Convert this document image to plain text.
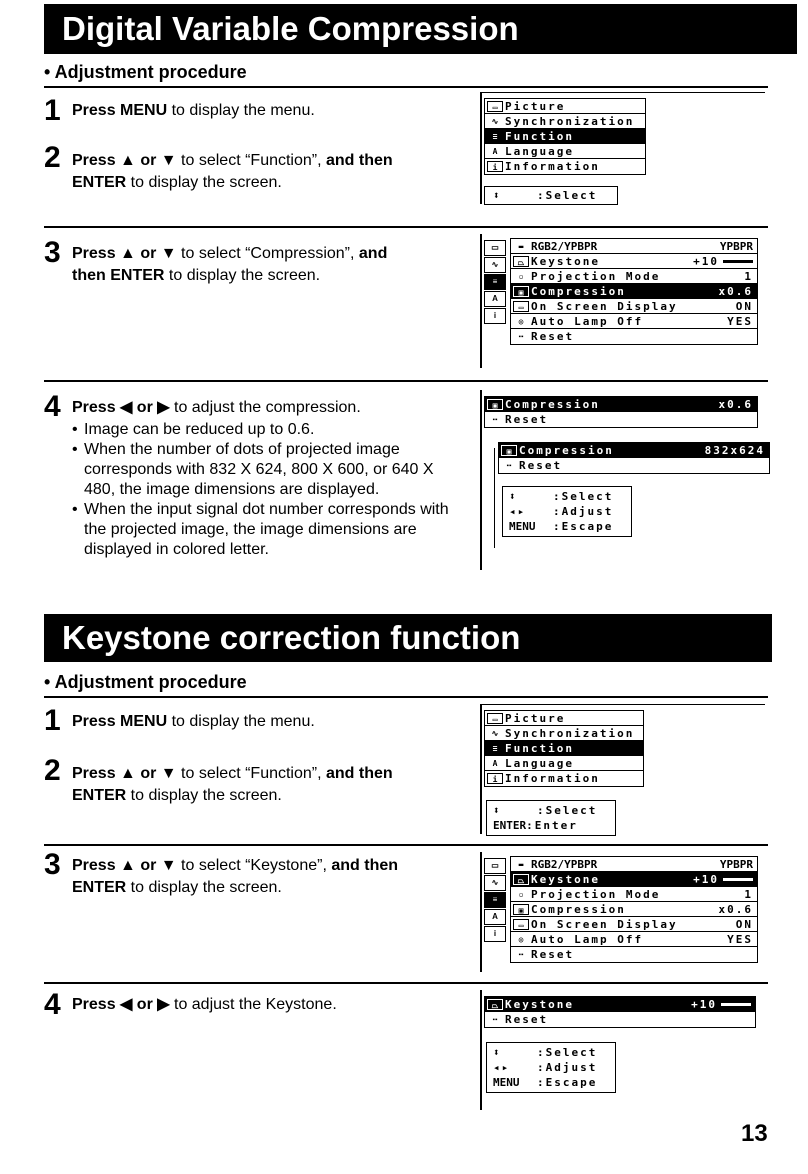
Digital Variable Compression
• Adjustment procedure
1 Press MENU to display the menu.
2 Press ▲ or ▼ to select “Function”, and then
ENTER to display the screen.
▭ Picture
∿ Synchronization
≡ Function
A Language
i Information
⬍	:Select
3 Press ▲ or ▼ to select “Compression”, and
then ENTER to display the screen.
▭
∿
≡
A
i
▬ RGB2/YPBPR	YPBPR
⏢ Keystone	+10
▫ Projection Mode	1
▣ Compression	x0.6
▭ On Screen Display	ON
◎ Auto Lamp Off	YES
⋯ Reset
4 Press ◀ or ▶ to adjust the compression.
• Image can be reduced up to 0.6.
• When the number of dots of projected image corresponds with 832 X 624, 800 X 600, or 640 X 480, the image dimensions are displayed.
• When the input signal dot number corresponds with the projected image, the image dimensions are displayed in colored letter.
▣ Compression	x0.6
⋯ Reset
▣ Compression	832x624
⋯ Reset
⬍	:Select
◂▸	:Adjust
MENU	:Escape
Keystone correction function
• Adjustment procedure
1 Press MENU to display the menu.
2 Press ▲ or ▼ to select “Function”, and then
ENTER to display the screen.
▭ Picture
∿ Synchronization
≡ Function
A Language
i Information
⬍	:Select
ENTER :Enter
3 Press ▲ or ▼ to select “Keystone”, and then
ENTER to display the screen.
▭
∿
≡
A
i
▬ RGB2/YPBPR	YPBPR
⏢ Keystone	+10
▫ Projection Mode	1
▣ Compression	x0.6
▭ On Screen Display	ON
◎ Auto Lamp Off	YES
⋯ Reset
4 Press ◀ or ▶ to adjust the Keystone.	⏢ Keystone	+10
⋯ Reset
⬍	:Select
◂▸	:Adjust
MENU	:Escape
13
